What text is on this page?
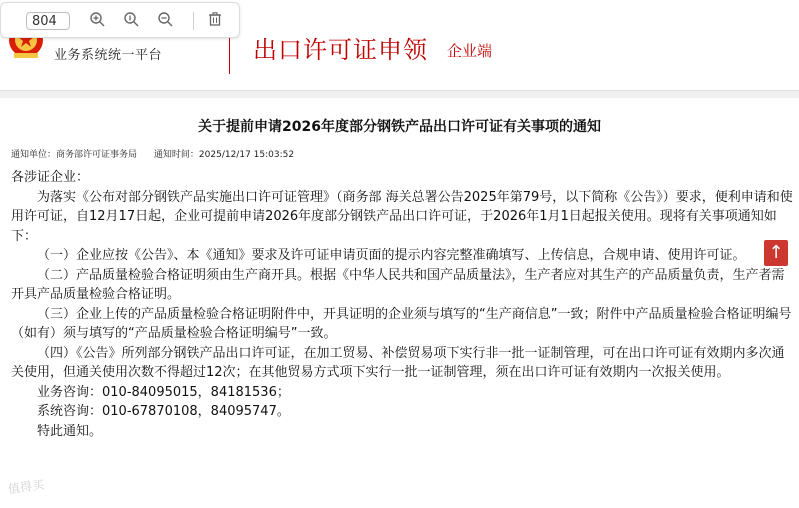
业务系统统一平台	出口许可证申领 企业端
804
关于提前申请2026年度部分钢铁产品出口许可证有关事项的通知
通知单位：商务部许可证事务局 通知时间：2025/12/17 15:03:52

各涉证企业：

为落实《公布对部分钢铁产品实施出口许可证管理》（商务部 海关总署公告2025年第79号，以下简称《公告》）要求，便利申请和使用许可证，自12月17日起，企业可提前申请2026年度部分钢铁产品出口许可证，于2026年1月1日起报关使用。现将有关事项通知如下：

（一）企业应按《公告》、本《通知》要求及许可证申请页面的提示内容完整准确填写、上传信息，合规申请、使用许可证。

（二）产品质量检验合格证明须由生产商开具。根据《中华人民共和国产品质量法》，生产者应对其生产的产品质量负责，生产者需开具产品质量检验合格证明。

（三）企业上传的产品质量检验合格证明附件中，开具证明的企业须与填写的“生产商信息”一致；附件中产品质量检验合格证明编号（如有）须与填写的“产品质量检验合格证明编号”一致。

（四）《公告》所列部分钢铁产品出口许可证，在加工贸易、补偿贸易项下实行非一批一证制管理，可在出口许可证有效期内多次通关使用，但通关使用次数不得超过12次；在其他贸易方式项下实行一批一证制管理，须在出口许可证有效期内一次报关使用。

业务咨询：010-84095015，84181536；

系统咨询：010-67870108，84095747。

特此通知。

↑
值得买
